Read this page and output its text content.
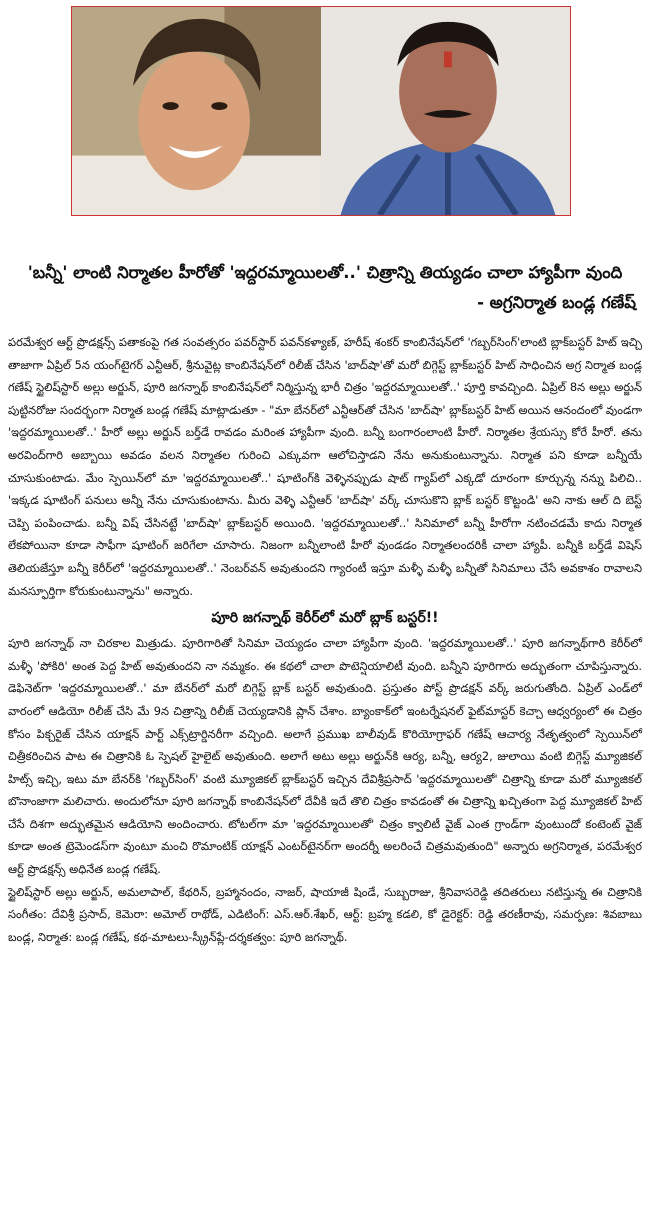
'బన్నీ' లాంటి నిర్మాతల హీరోతో 'ఇద్దరమ్మాయిలతో..' చిత్రాన్ని తియ్యడం చాలా హ్యాపీగా వుంది
- అగ్రనిర్మాత బండ్ల గణేష్

పరమేశ్వర ఆర్ట్ ప్రొడక్షన్స్ పతాకంపై గత సంవత్సరం పవర్‌స్టార్ పవన్‌కళ్యాణ్, హరీష్ శంకర్ కాంబినేషన్‌లో 'గబ్బర్‌సింగ్'లాంటి బ్లాక్‌బస్టర్ హిట్ ఇచ్చి తాజాగా ఏప్రిల్ 5న యంగ్‌టైగర్ ఎన్టీఆర్, శ్రీనువైట్ల కాంబినేషన్‌లో రిలీజ్ చేసిన 'బాద్‌షా'తో మరో బిగ్గెస్ట్ బ్లాక్‌బస్టర్ హిట్ సాధించిన అగ్ర నిర్మాత బండ్ల గణేష్ స్టైలిష్‌స్టార్ అల్లు అర్జున్, పూరి జగన్నాథ్ కాంబినేషన్‌లో నిర్మిస్తున్న భారీ చిత్రం 'ఇద్దరమ్మాయిలతో..' పూర్తి కావచ్చింది. ఏప్రిల్ 8న అల్లు అర్జున్ పుట్టినరోజు సందర్భంగా నిర్మాత బండ్ల గణేష్ మాట్లాడుతూ - "మా బేనర్‌లో ఎన్టీఆర్‌తో చేసిన 'బాద్‌షా' బ్లాక్‌బస్టర్ హిట్ అయిన ఆనందంలో వుండగా 'ఇద్దరమ్మాయిలతో..' హీరో అల్లు అర్జున్ బర్త్‌డే రావడం మరింత హ్యాపీగా వుంది. బన్నీ బంగారంలాంటి హీరో. నిర్మాతల శ్రేయస్సు కోరే హీరో. తను అరవింద్‌గారి అబ్బాయి అవడం వలన నిర్మాతల గురించి ఎక్కువగా ఆలోచిస్తాడని నేను అనుకుంటున్నాను. నిర్మాత పని కూడా బన్నీయే చూసుకుంటాడు. మేం స్పెయిన్‌లో మా 'ఇద్దరమ్మాయిలతో..' షూటింగ్‌కి వెళ్ళినప్పుడు షాట్ గ్యాప్‌లో ఎక్కడో దూరంగా కూర్చున్న నన్ను పిలిచి.. 'ఇక్కడ షూటింగ్ పనులు అన్నీ నేను చూసుకుంటాను. మీరు వెళ్ళి ఎన్టీఆర్ 'బాద్‌షా' వర్క్ చూసుకొని బ్లాక్ బస్టర్ కొట్టండి' అని నాకు ఆల్ ది బెస్ట్ చెప్పి పంపించాడు. బన్నీ విష్ చేసినట్టే 'బాద్‌షా' బ్లాక్‌బస్టర్ అయింది. 'ఇద్దరమ్మాయిలతో..' సినిమాలో బన్నీ హీరోగా నటించడమే కాదు నిర్మాత లేకపోయినా కూడా సాఫీగా షూటింగ్ జరిగేలా చూసారు. నిజంగా బన్నీలాంటి హీరో వుండడం నిర్మాతలందరికీ చాలా హ్యాపీ. బన్నీకి బర్త్‌డే విషెస్ తెలియజేస్తూ బన్నీ కెరీర్‌లో 'ఇద్దరమ్మాయిలతో..' నెంబర్‌వన్ అవుతుందని గ్యారంటీ ఇస్తూ మళ్ళీ మళ్ళీ బన్నీతో సినిమాలు చేసే అవకాశం రావాలని మనస్ఫూర్తిగా కోరుకుంటున్నాను" అన్నారు.

పూరి జగన్నాథ్ కెరీర్‌లో మరో బ్లాక్ బస్టర్!!

పూరి జగన్నాథ్ నా చిరకాల మిత్రుడు. పూరిగారితో సినిమా చెయ్యడం చాలా హ్యాపీగా వుంది. 'ఇద్దరమ్మాయిలతో..' పూరి జగన్నాథ్‌గారి కెరీర్‌లో మళ్ళీ 'పోకిరి' అంత పెద్ద హిట్ అవుతుందని నా నమ్మకం. ఈ కథలో చాలా పొటెన్షియాలిటీ వుంది. బన్నీని పూరిగారు అద్భుతంగా చూపిస్తున్నారు. డెఫినెట్‌గా 'ఇద్దరమ్మాయిలతో..' మా బేనర్‌లో మరో బిగ్గెస్ట్ బ్లాక్ బస్టర్ అవుతుంది. ప్రస్తుతం పోస్ట్ ప్రొడక్షన్ వర్క్ జరుగుతోంది. ఏప్రిల్ ఎండ్‌లో వారంలో ఆడియో రిలీజ్ చేసి మే 9న చిత్రాన్ని రిలీజ్ చెయ్యడానికి ప్లాన్ చేశాం. బ్యాంకాక్‌లో ఇంటర్నేషనల్ ఫైట్‌మాస్టర్ కెచ్చా ఆధ్వర్యంలో ఈ చిత్రం కోసం పిక్చరైజ్ చేసిన యాక్షన్ పార్ట్ ఎక్స్‌ట్రార్డినరీగా వచ్చింది. అలాగే ప్రముఖ బాలీవుడ్ కొరియోగ్రాఫర్ గణేష్ ఆచార్య నేతృత్వంలో స్పెయిన్‌లో చిత్రీకరించిన పాట ఈ చిత్రానికి ఓ స్పెషల్ హైలైట్ అవుతుంది. అలాగే అటు అల్లు అర్జున్‌కి ఆర్య, బన్నీ, ఆర్య2, జులాయి వంటి బిగ్గెస్ట్ మ్యూజికల్ హిట్స్ ఇచ్చి, ఇటు మా బేనర్‌కి 'గబ్బర్‌సింగ్' వంటి మ్యూజికల్ బ్లాక్‌బస్టర్ ఇచ్చిన దేవిశ్రీప్రసాద్ 'ఇద్దరమ్మాయిలతో' చిత్రాన్ని కూడా మరో మ్యూజికల్ బొనాంజాగా మలిచారు. అందులోనూ పూరి జగన్నాథ్ కాంబినేషన్‌లో దేవీకి ఇదే తొలి చిత్రం కావడంతో ఈ చిత్రాన్ని ఖచ్చితంగా పెద్ద మ్యూజికల్ హిట్ చేసే దిశగా అద్భుతమైన ఆడియోని అందించారు. టోటల్‌గా మా 'ఇద్దరమ్మాయిలతో' చిత్రం క్వాలిటీ వైజ్ ఎంత గ్రాండ్‌గా వుంటుందో కంటెంట్ వైజ్ కూడా అంత ట్రెమెండస్‌గా వుంటూ మంచి రొమాంటిక్ యాక్షన్ ఎంటర్‌టైనర్‌గా అందర్నీ అలరించే చిత్రమవుతుంది" అన్నారు అగ్రనిర్మాత, పరమేశ్వర ఆర్ట్ ప్రొడక్షన్స్ అధినేత బండ్ల గణేష్.

స్టైలిష్‌స్టార్ అల్లు అర్జున్, అమలాపాల్, కేథరిన్, బ్రహ్మానందం, నాజర్, షాయాజీ షిండే, సుబ్బరాజు, శ్రీనివాసరెడ్డి తదితరులు నటిస్తున్న ఈ చిత్రానికి సంగీతం: దేవిశ్రీ ప్రసాద్, కెమెరా: అమోల్ రాథోడ్, ఎడిటింగ్: ఎస్.ఆర్.శేఖర్, ఆర్ట్: బ్రహ్మ కడలి, కో డైరెక్టర్: రెడ్డి తరణీరావు, సమర్పణ: శివబాబు బండ్ల, నిర్మాత: బండ్ల గణేష్, కథ-మాటలు-స్క్రీన్‌ప్లే-దర్శకత్వం: పూరి జగన్నాథ్.
